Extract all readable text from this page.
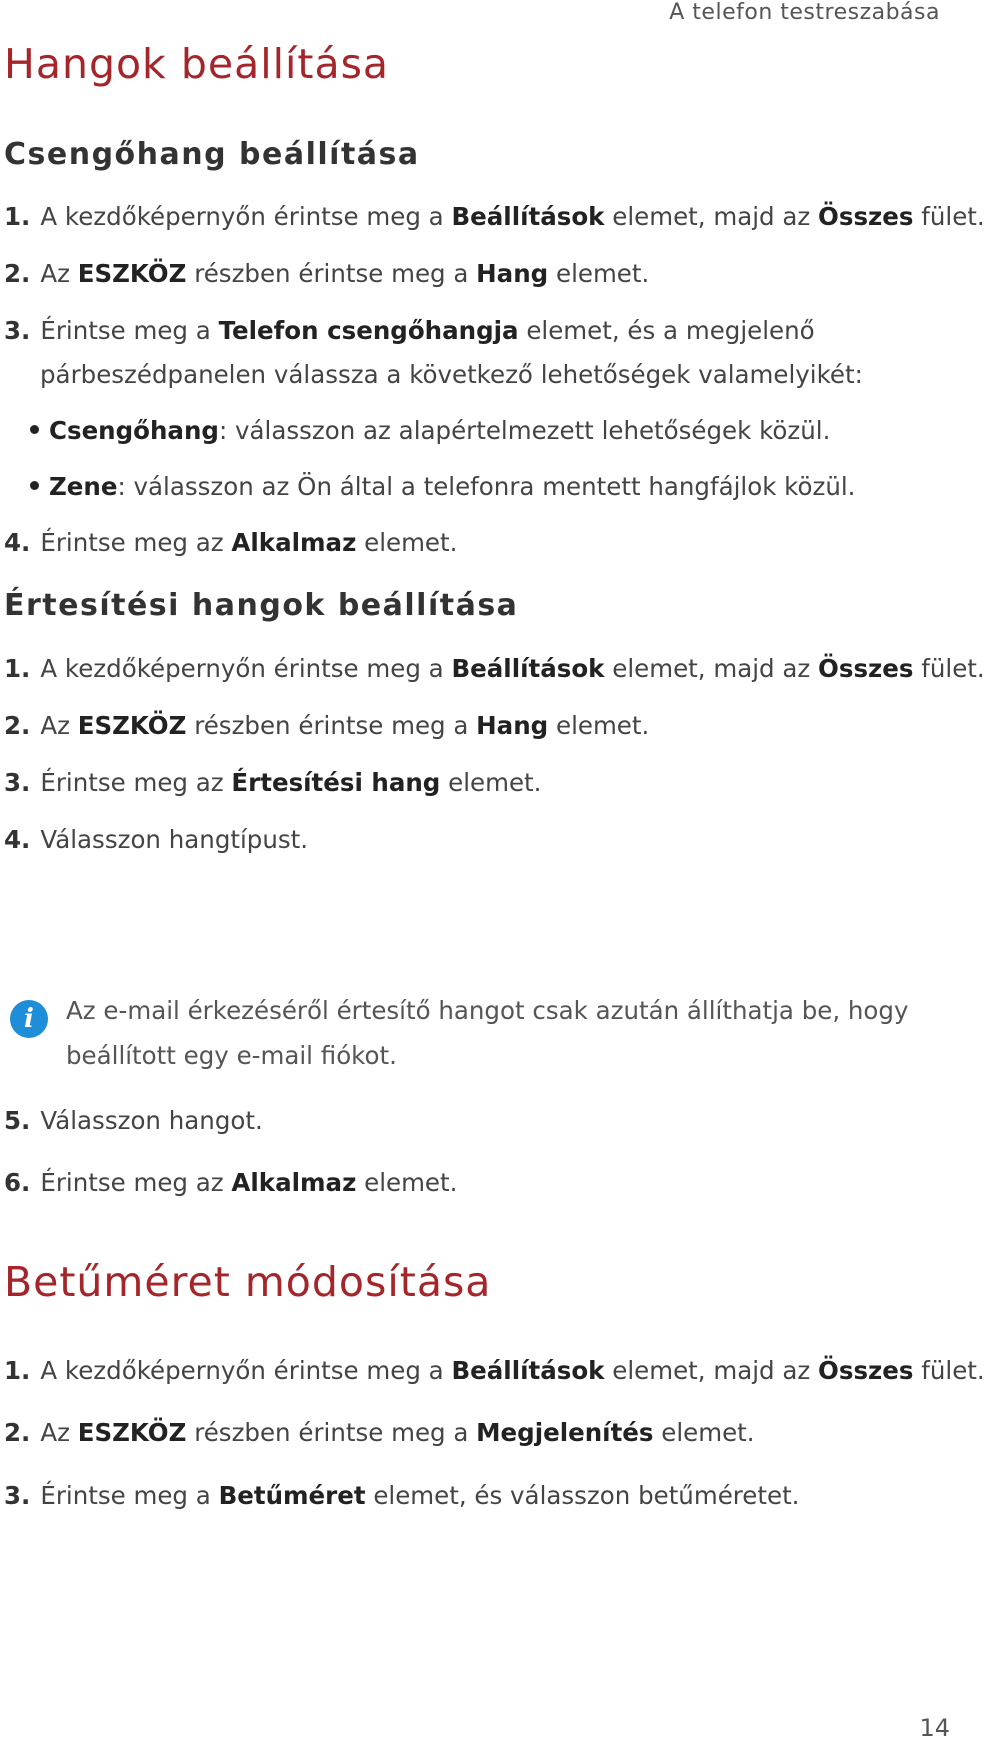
A telefon testreszabása
Hangok beállítása
Csengőhang beállítása
1. A kezdőképernyőn érintse meg a Beállítások elemet, majd az Összes fület.
2. Az ESZKÖZ részben érintse meg a Hang elemet.
3. Érintse meg a Telefon csengőhangja elemet, és a megjelenő
párbeszédpanelen válassza a következő lehetőségek valamelyikét:
Csengőhang: válasszon az alapértelmezett lehetőségek közül.
Zene: válasszon az Ön által a telefonra mentett hangfájlok közül.
4. Érintse meg az Alkalmaz elemet.
Értesítési hangok beállítása
1. A kezdőképernyőn érintse meg a Beállítások elemet, majd az Összes fület.
2. Az ESZKÖZ részben érintse meg a Hang elemet.
3. Érintse meg az Értesítési hang elemet.
4. Válasszon hangtípust.
i	Az e-mail érkezéséről értesítő hangot csak azután állíthatja be, hogy
beállított egy e-mail fiókot.
5. Válasszon hangot.
6. Érintse meg az Alkalmaz elemet.
Betűméret módosítása
1. A kezdőképernyőn érintse meg a Beállítások elemet, majd az Összes fület.
2. Az ESZKÖZ részben érintse meg a Megjelenítés elemet.
3. Érintse meg a Betűméret elemet, és válasszon betűméretet.
14
